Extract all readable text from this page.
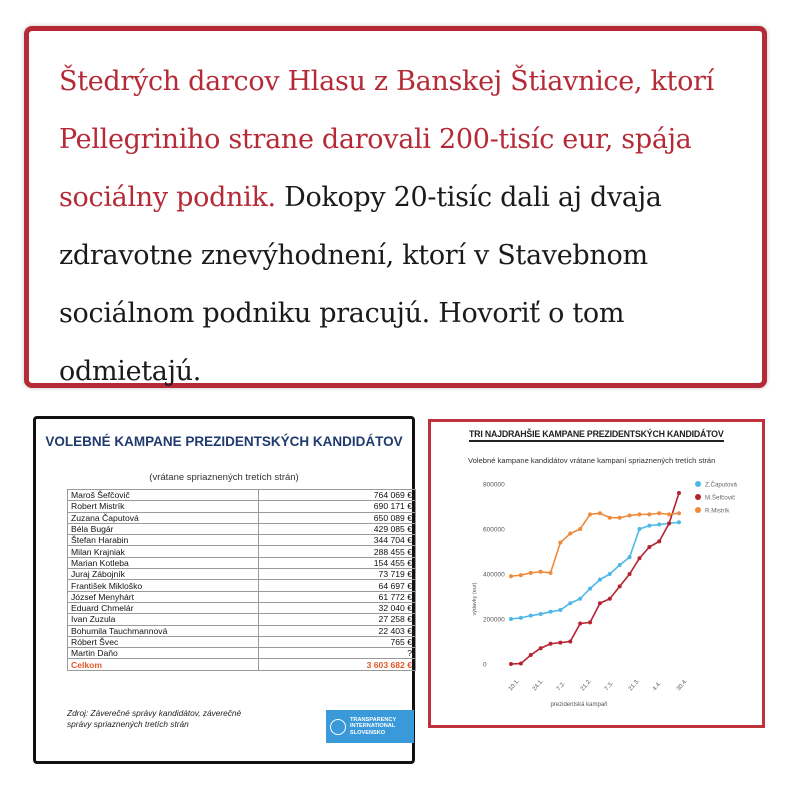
Štedrých darcov Hlasu z Banskej Štiavnice, ktorí Pellegriniho strane darovali 200-tisíc eur, spája sociálny podnik. Dokopy 20-tisíc dali aj dvaja zdravotne znevýhodnení, ktorí v Stavebnom sociálnom podniku pracujú. Hovoriť o tom odmietajú.
VOLEBNÉ KAMPANE PREZIDENTSKÝCH KANDIDÁTOV
(vrátane spriaznených tretích strán)
Maroš Šefčovič	764 069 €
Robert Mistrík	690 171 €
Zuzana Čaputová	650 089 €
Béla Bugár	429 085 €
Štefan Harabin	344 704 €
Milan Krajniak	288 455 €
Marian Kotleba	154 455 €
Juraj Zábojník	73 719 €
František Mikloško	64 697 €
József Menyhárt	61 772 €
Eduard Chmelár	32 040 €
Ivan Zuzula	27 258 €
Bohumila Tauchmannová	22 403 €
Róbert Švec	765 €
Martin Daňo	?
Celkom	3 603 682 €
Zdroj: Záverečné správy kandidátov, záverečné správy spriaznených tretích strán	TRANSPARENCY INTERNATIONAL SLOVENSKO
TRI NAJDRAHŠIE KAMPANE PREZIDENTSKÝCH KANDIDÁTOV
Volebné kampane kandidátov vrátane kampaní spriaznených tretích strán
0
200000
400000
600000
800000
výdavky (eur)
10.1. 24.1. 7.2. 21.2. 7.3. 21.3. 4.4. 30.4.
prezidentská kampaň
Z.Čaputová
M.Šefčovič
R.Mistrík
